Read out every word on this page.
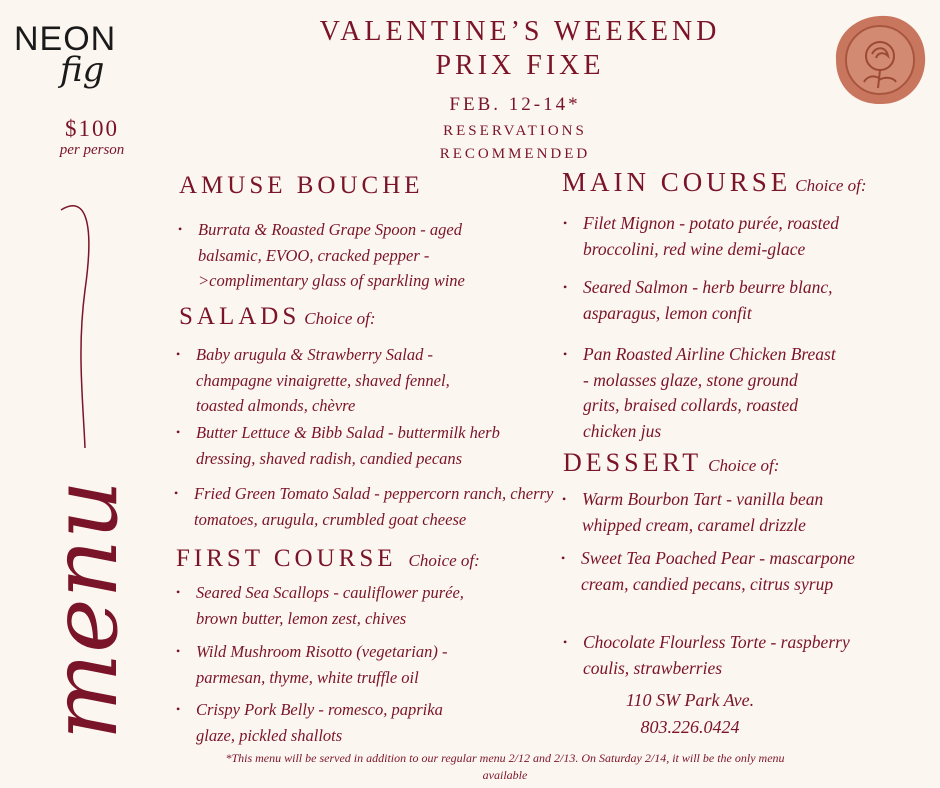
NEON
fig
$100
per person
menu
VALENTINE’S WEEKEND
PRIX FIXE
FEB. 12-14*
RESERVATIONS
RECOMMENDED
AMUSE BOUCHE
• Burrata & Roasted Grape Spoon - aged balsamic, EVOO, cracked pepper - >complimentary glass of sparkling wine
SALADS Choice of:
• Baby arugula & Strawberry Salad - champagne vinaigrette, shaved fennel, toasted almonds, chèvre
• Butter Lettuce & Bibb Salad - buttermilk herb dressing, shaved radish, candied pecans
• Fried Green Tomato Salad - peppercorn ranch, cherry tomatoes, arugula, crumbled goat cheese
FIRST COURSE Choice of:
• Seared Sea Scallops - cauliflower purée, brown butter, lemon zest, chives
• Wild Mushroom Risotto (vegetarian) - parmesan, thyme, white truffle oil
• Crispy Pork Belly - romesco, paprika glaze, pickled shallots
MAIN COURSE Choice of:
• Filet Mignon - potato purée, roasted broccolini, red wine demi-glace
• Seared Salmon - herb beurre blanc, asparagus, lemon confit
• Pan Roasted Airline Chicken Breast - molasses glaze, stone ground grits, braised collards, roasted chicken jus
DESSERT Choice of:
• Warm Bourbon Tart - vanilla bean whipped cream, caramel drizzle
• Sweet Tea Poached Pear - mascarpone cream, candied pecans, citrus syrup
• Chocolate Flourless Torte - raspberry coulis, strawberries
110 SW Park Ave.
803.226.0424
*This menu will be served in addition to our regular menu 2/12 and 2/13. On Saturday 2/14, it will be the only menu available
